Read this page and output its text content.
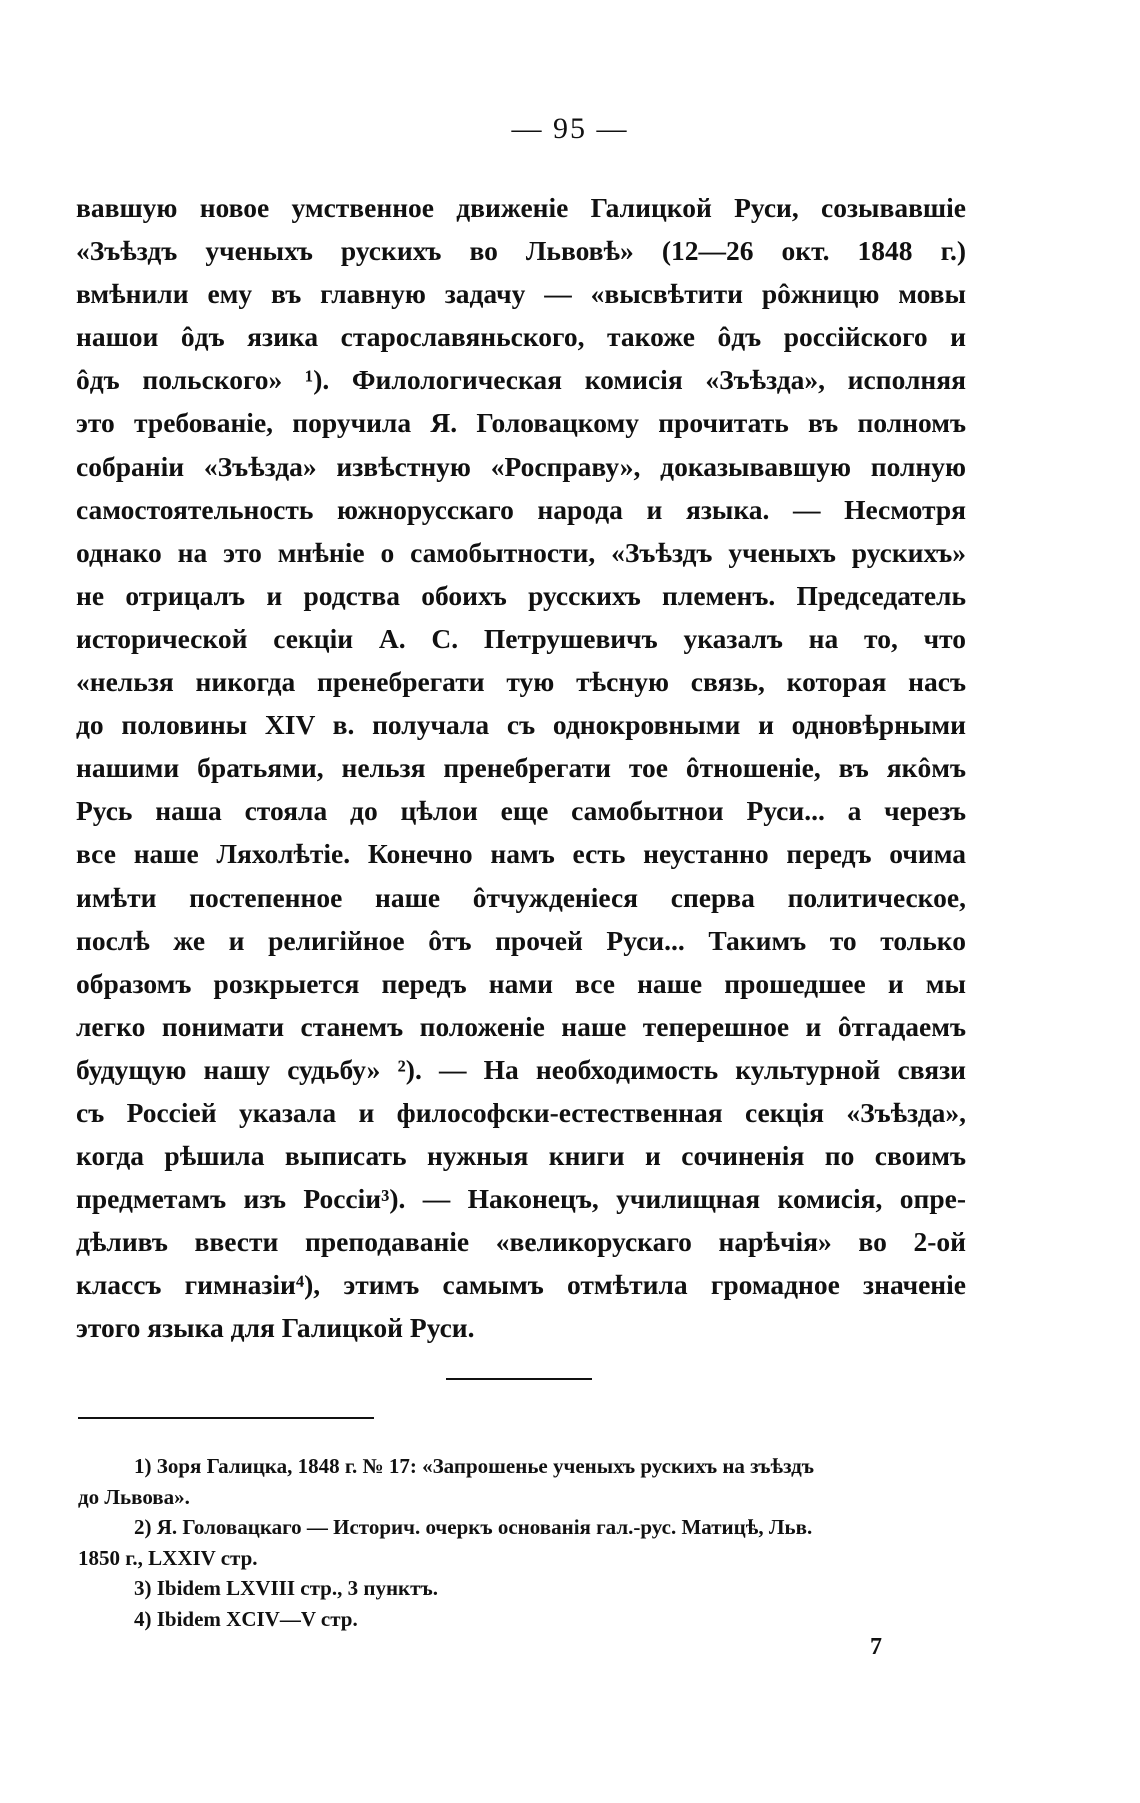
— 95 —
вавшую новое умственное движеніе Галицкой Руси, созывавшіе
«Зъѣздъ ученыхъ рускихъ во Львовѣ» (12—26 окт. 1848 г.)
вмѣнили ему въ главную задачу — «высвѣтити рôжницю мовы
нашои ôдъ язика старославяньского, такоже ôдъ россійского и
ôдъ польского» ¹). Филологическая комисія «Зъѣзда», исполняя
это требованіе, поручила Я. Головацкому прочитать въ полномъ
собраніи «Зъѣзда» извѣстную «Росправу», доказывавшую полную
самостоятельность южнорусскаго народа и языка. — Несмотря
однако на это мнѣніе о самобытности, «Зъѣздъ ученыхъ рускихъ»
не отрицалъ и родства обоихъ русскихъ племенъ. Председатель
исторической секціи А. С. Петрушевичъ указалъ на то, что
«нельзя никогда пренебрегати тую тѣсную связь, которая насъ
до половины XIV в. получала съ однокровными и одновѣрными
нашими братьями, нельзя пренебрегати тое ôтношеніе, въ якôмъ
Русь наша стояла до цѣлои еще самобытнои Руси... а черезъ
все наше Ляхолѣтіе. Конечно намъ есть неустанно передъ очима
имѣти постепенное наше ôтчужденіеся сперва политическое,
послѣ же и религійное ôтъ прочей Руси... Такимъ то только
образомъ розкрыется передъ нами все наше прошедшее и мы
легко понимати станемъ положеніе наше теперешное и ôтгадаемъ
будущую нашу судьбу» ²). — На необходимость культурной связи
съ Россіей указала и философски-естественная секція «Зъѣзда»,
когда рѣшила выписать нужныя книги и сочиненія по своимъ
предметамъ изъ Россіи³). — Наконецъ, училищная комисія, опре-
дѣливъ ввести преподаваніе «великорускаго нарѣчія» во 2-ой
классъ гимназіи⁴), этимъ самымъ отмѣтила громадное значеніе
этого языка для Галицкой Руси.
1) Зоря Галицка, 1848 г. № 17: «Запрошенье ученыхъ рускихъ на зъѣздъ
до Львова».
2) Я. Головацкаго — Историч. очеркъ основанія гал.-рус. Матицѣ, Льв.
1850 г., LXXIV стр.
3) Ibidem LXVIII стр., 3 пунктъ.
4) Ibidem XCIV—V стр.
7
